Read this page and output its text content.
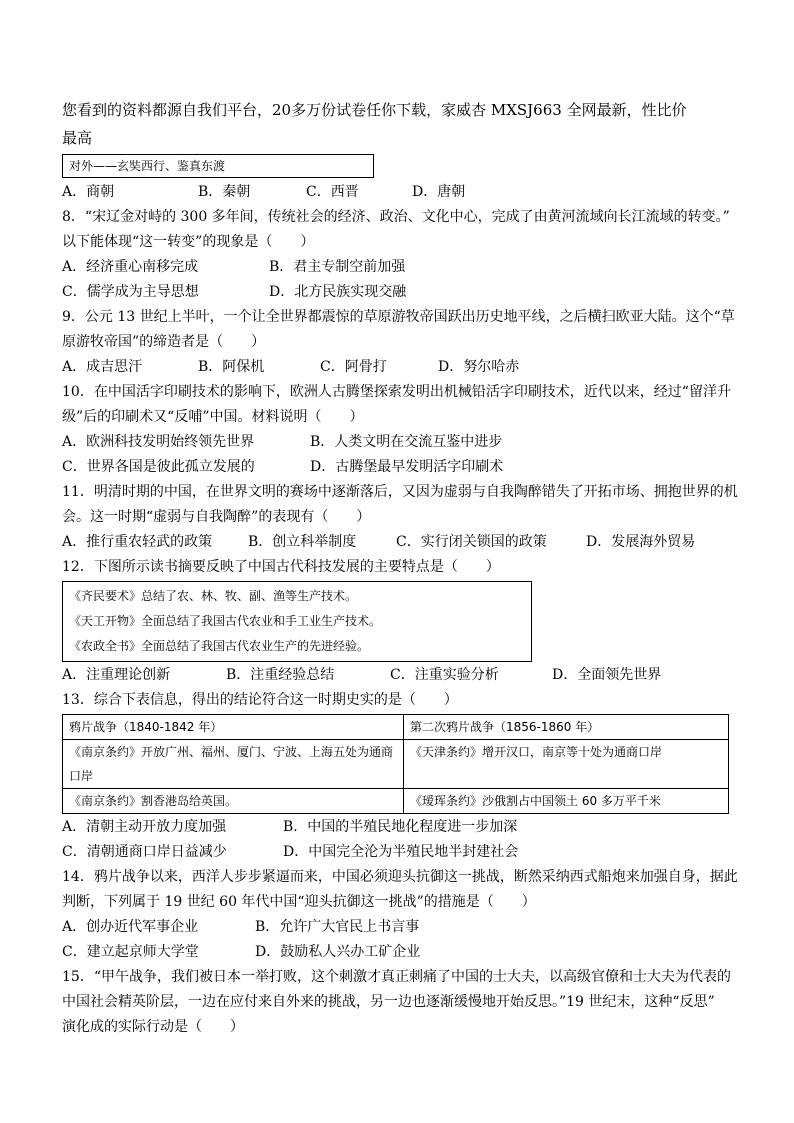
您看到的资料都源自我们平台，20多万份试卷任你下载，家威杏 MXSJ663 全网最新，性比价

最高

对外——玄奘西行、鉴真东渡
A．商朝	B．秦朝	C．西晋	D．唐朝

8．“宋辽金对峙的 300 多年间，传统社会的经济、政治、文化中心，完成了由黄河流域向长江流域的转变。”

以下能体现“这一转变”的现象是（　　）

A．经济重心南移完成	B．君主专制空前加强
C．儒学成为主导思想	D．北方民族实现交融

9．公元 13 世纪上半叶，一个让全世界都震惊的草原游牧帝国跃出历史地平线，之后横扫欧亚大陆。这个“草

原游牧帝国”的缔造者是（　　）

A．成吉思汗	B．阿保机	C．阿骨打	D．努尔哈赤

10．在中国活字印刷技术的影响下，欧洲人古腾堡探索发明出机械铅活字印刷技术，近代以来，经过“留洋升

级”后的印刷术又“反哺”中国。材料说明（　　）

A．欧洲科技发明始终领先世界	B．人类文明在交流互鉴中进步
C．世界各国是彼此孤立发展的	D．古腾堡最早发明活字印刷术

11．明清时期的中国，在世界文明的赛场中逐渐落后，又因为虚弱与自我陶醉错失了开拓市场、拥抱世界的机

会。这一时期“虚弱与自我陶醉”的表现有（　　）

A．推行重农轻武的政策	B．创立科举制度	C．实行闭关锁国的政策	D．发展海外贸易

12．下图所示读书摘要反映了中国古代科技发展的主要特点是（　　）

《齐民要术》总结了农、林、牧、副、渔等生产技术。
《天工开物》全面总结了我国古代农业和手工业生产技术。
《农政全书》全面总结了我国古代农业生产的先进经验。
A．注重理论创新	B．注重经验总结	C．注重实验分析	D．全面领先世界

13．综合下表信息，得出的结论符合这一时期史实的是（　　）

鸦片战争（1840-1842 年）	第二次鸦片战争（1856-1860 年）
《南京条约》开放广州、福州、厦门、宁波、上海五处为通商口岸	《天津条约》增开汉口，南京等十处为通商口岸
《南京条约》割香港岛给英国。	《瑷珲条约》沙俄割占中国领土 60 多万平千米
A．清朝主动开放力度加强	B．中国的半殖民地化程度进一步加深
C．清朝通商口岸日益减少	D．中国完全沦为半殖民地半封建社会

14．鸦片战争以来，西洋人步步紧逼而来，中国必须迎头抗御这一挑战，断然采纳西式船炮来加强自身，据此

判断，下列属于 19 世纪 60 年代中国“迎头抗御这一挑战”的措施是（　　）

A．创办近代军事企业	B．允许广大官民上书言事
C．建立起京师大学堂	D．鼓励私人兴办工矿企业

15．“甲午战争，我们被日本一举打败，这个刺激才真正刺痛了中国的士大夫，以高级官僚和士大夫为代表的

中国社会精英阶层，一边在应付来自外来的挑战，另一边也逐渐缓慢地开始反思。”19 世纪末，这种“反思”

演化成的实际行动是（　　）
